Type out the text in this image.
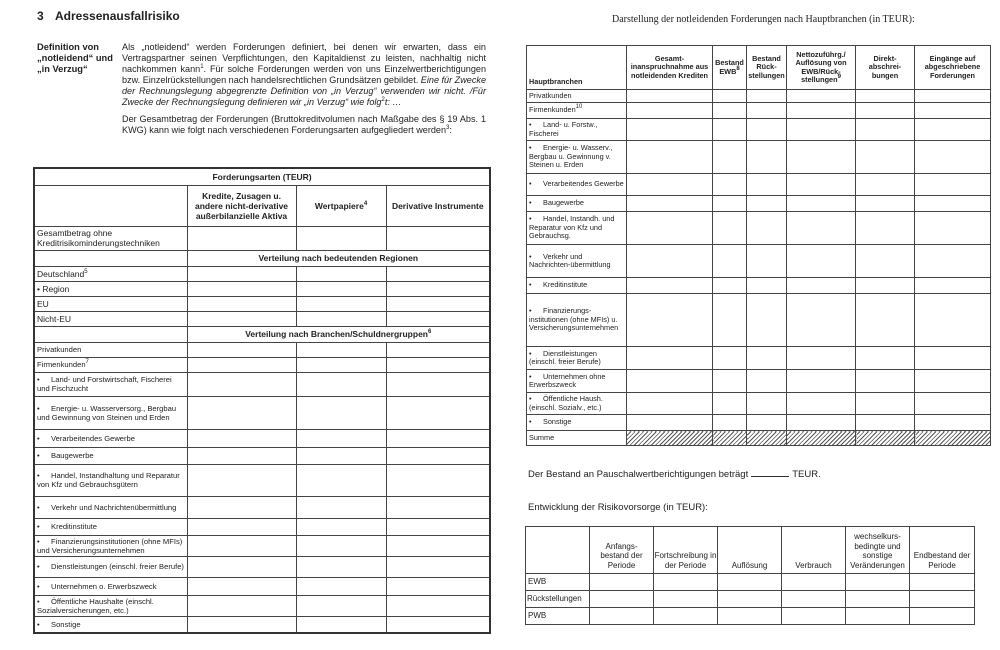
3 Adressenausfallrisiko
Definition von „notleidend“ und „in Verzug“

Als „notleidend“ werden Forderungen definiert, bei denen wir erwarten, dass ein Vertragspartner seinen Verpflichtungen, den Kapitaldienst zu leisten, nachhaltig nicht nachkommen kann$^1$. Für solche Forderungen werden von uns Einzelwertberichtigungen bzw. Einzelrückstellungen nach handelsrechtlichen Grundsätzen gebildet. Eine für Zwecke der Rechnungslegung abgegrenzte Definition von „in Verzug“ verwenden wir nicht. /Für Zwecke der Rechnungslegung definieren wir „in Verzug“ wie folg$^2$t: …

Der Gesamtbetrag der Forderungen (Bruttokreditvolumen nach Maßgabe des § 19 Abs. 1 KWG) kann wie folgt nach verschiedenen Forderungsarten aufgegliedert werden$^3$:

Forderungsarten (TEUR)			
	Kredite, Zusagen u. andere nicht-derivative außerbilanzielle Aktiva	Wertpapiere$^4$	Derivative Instrumente
Gesamtbetrag ohne Kreditrisikominderungstechniken			
	Verteilung nach bedeutenden Regionen		
Deutschland$^5$			
• Region			
EU			
Nicht-EU			
	Verteilung nach Branchen/Schuldnergruppen$^6$
Privatkunden			
Firmenkunden$^7$			
• Land- und Forstwirtschaft, Fischerei und Fischzucht			
• Energie- u. Wasserversorg., Bergbau und Gewinnung von Steinen und Erden			
• Verarbeitendes Gewerbe			
• Baugewerbe			
• Handel, Instandhaltung und Reparatur von Kfz und Gebrauchsgütern			
• Verkehr und Nachrichtenübermittlung			
• Kreditinstitute			
• Finanzierungsinstitutionen (ohne MFIs) und Versicherungsunternehmen			
• Dienstleistungen (einschl. freier Berufe)			
• Unternehmen o. Erwerbszweck			
• Öffentliche Haushalte (einschl. Sozialversicherungen, etc.)			
• Sonstige			
Darstellung der notleidenden Forderungen nach Hauptbranchen (in TEUR):
Hauptbranchen	Gesamt-inanspruchnahme aus notleidenden Krediten	Bestand EWB$^8$	Bestand Rück-stellungen	Nettozuführg./ Auflösung von EWB/Rück-stellungen$^9$	Direkt-abschrei-bungen	Eingänge auf abgeschriebene Forderungen
Privatkunden						
Firmenkunden$^{10}$						
• Land- u. Forstw., Fischerei						
• Energie- u. Wasserv., Bergbau u. Gewinnung v. Steinen u. Erden						
• Verarbeitendes Gewerbe						
• Baugewerbe						
• Handel, Instandh. und Reparatur von Kfz und Gebrauchsg.						
• Verkehr und Nachrichten-übermittlung						
• Kreditinstitute						
• Finanzierungs-institutionen (ohne MFIs) u. Versicherungsunternehmen						
• Dienstleistungen (einschl. freier Berufe)						
• Unternehmen ohne Erwerbszweck						
• Öffentliche Haush. (einschl. Sozialv., etc.)						
• Sonstige						
Summe						
Der Bestand an Pauschalwertberichtigungen beträgt	TEUR.
Entwicklung der Risikovorsorge (in TEUR):
	Anfangs-bestand der Periode	Fortschreibung in der Periode	Auflösung	Verbrauch	wechselkurs-bedingte und sonstige Veränderungen	Endbestand der Periode
EWB						
Rückstellungen						
PWB						
